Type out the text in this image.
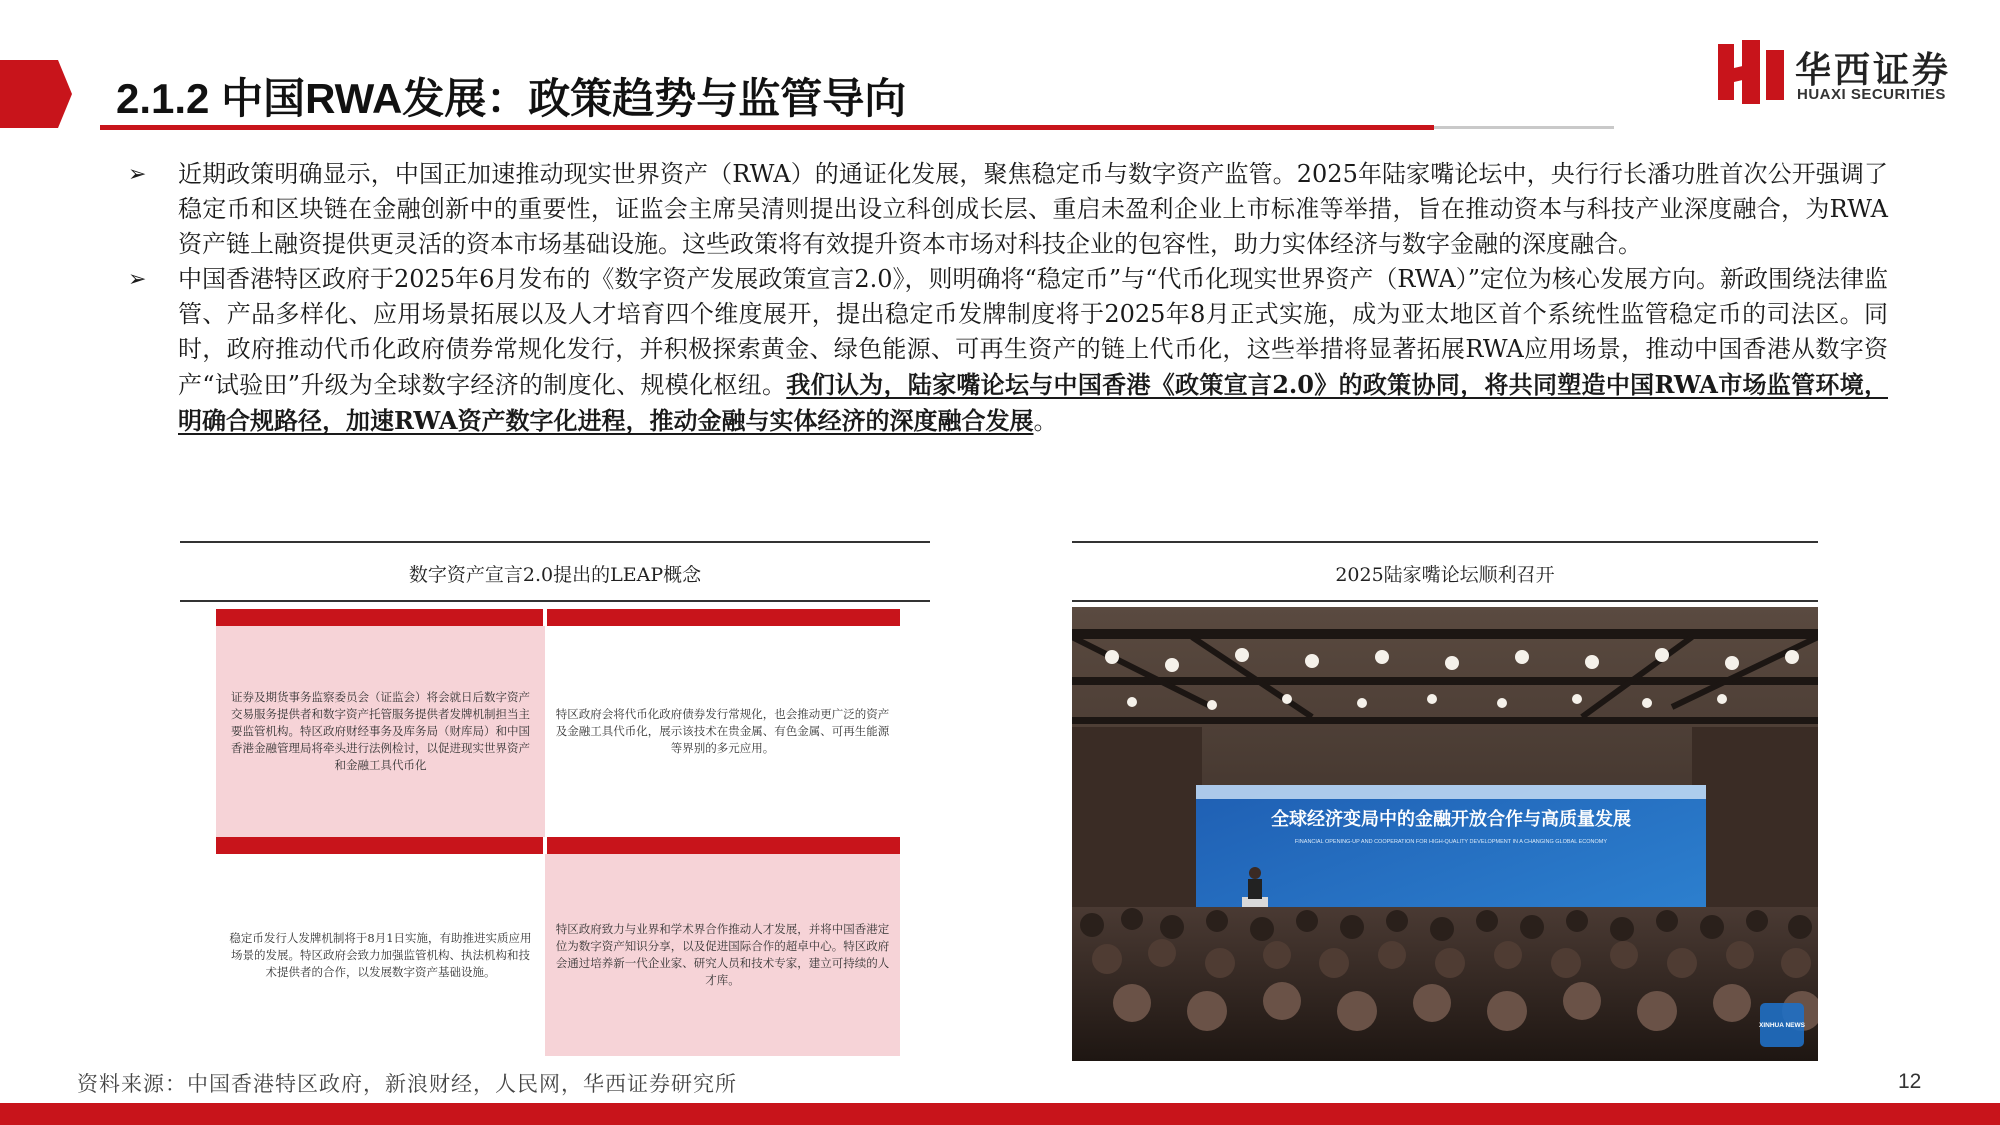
2.1.2 中国RWA发展：政策趋势与监管导向
华西证券
HUAXI SECURITIES
➢ 近期政策明确显示，中国正加速推动现实世界资产（RWA）的通证化发展，聚焦稳定币与数字资产监管。2025年陆家嘴论坛中，央行行长潘功胜首次公开强调了稳定币和区块链在金融创新中的重要性，证监会主席吴清则提出设立科创成长层、重启未盈利企业上市标准等举措，旨在推动资本与科技产业深度融合，为RWA资产链上融资提供更灵活的资本市场基础设施。这些政策将有效提升资本市场对科技企业的包容性，助力实体经济与数字金融的深度融合。
➢ 中国香港特区政府于2025年6月发布的《数字资产发展政策宣言2.0》，则明确将“稳定币”与“代币化现实世界资产（RWA）”定位为核心发展方向。新政围绕法律监管、产品多样化、应用场景拓展以及人才培育四个维度展开，提出稳定币发牌制度将于2025年8月正式实施，成为亚太地区首个系统性监管稳定币的司法区。同时，政府推动代币化政府债券常规化发行，并积极探索黄金、绿色能源、可再生资产的链上代币化，这些举措将显著拓展RWA应用场景，推动中国香港从数字资产“试验田”升级为全球数字经济的制度化、规模化枢纽。我们认为，陆家嘴论坛与中国香港《政策宣言2.0》的政策协同，将共同塑造中国RWA市场监管环境，明确合规路径，加速RWA资产数字化进程，推动金融与实体经济的深度融合发展。
数字资产宣言2.0提出的LEAP概念

证券及期货事务监察委员会（证监会）将会就日后数字资产交易服务提供者和数字资产托管服务提供者发牌机制担当主要监管机构。特区政府财经事务及库务局（财库局）和中国香港金融管理局将牵头进行法例检讨，以促进现实世界资产和金融工具代币化
特区政府会将代币化政府债券发行常规化，也会推动更广泛的资产及金融工具代币化，展示该技术在贵金属、有色金属、可再生能源等界别的多元应用。

稳定币发行人发牌机制将于8月1日实施，有助推进实质应用场景的发展。特区政府会致力加强监管机构、执法机构和技术提供者的合作，以发展数字资产基础设施。
特区政府致力与业界和学术界合作推动人才发展，并将中国香港定位为数字资产知识分享，以及促进国际合作的超卓中心。特区政府会通过培养新一代企业家、研究人员和技术专家，建立可持续的人才库。
2025陆家嘴论坛顺利召开
全球经济变局中的金融开放合作与高质量发展
FINANCIAL OPENING-UP AND COOPERATION FOR HIGH-QUALITY DEVELOPMENT IN A CHANGING GLOBAL ECONOMY
XINHUA NEWS
资料来源：中国香港特区政府，新浪财经，人民网，华西证券研究所	12
